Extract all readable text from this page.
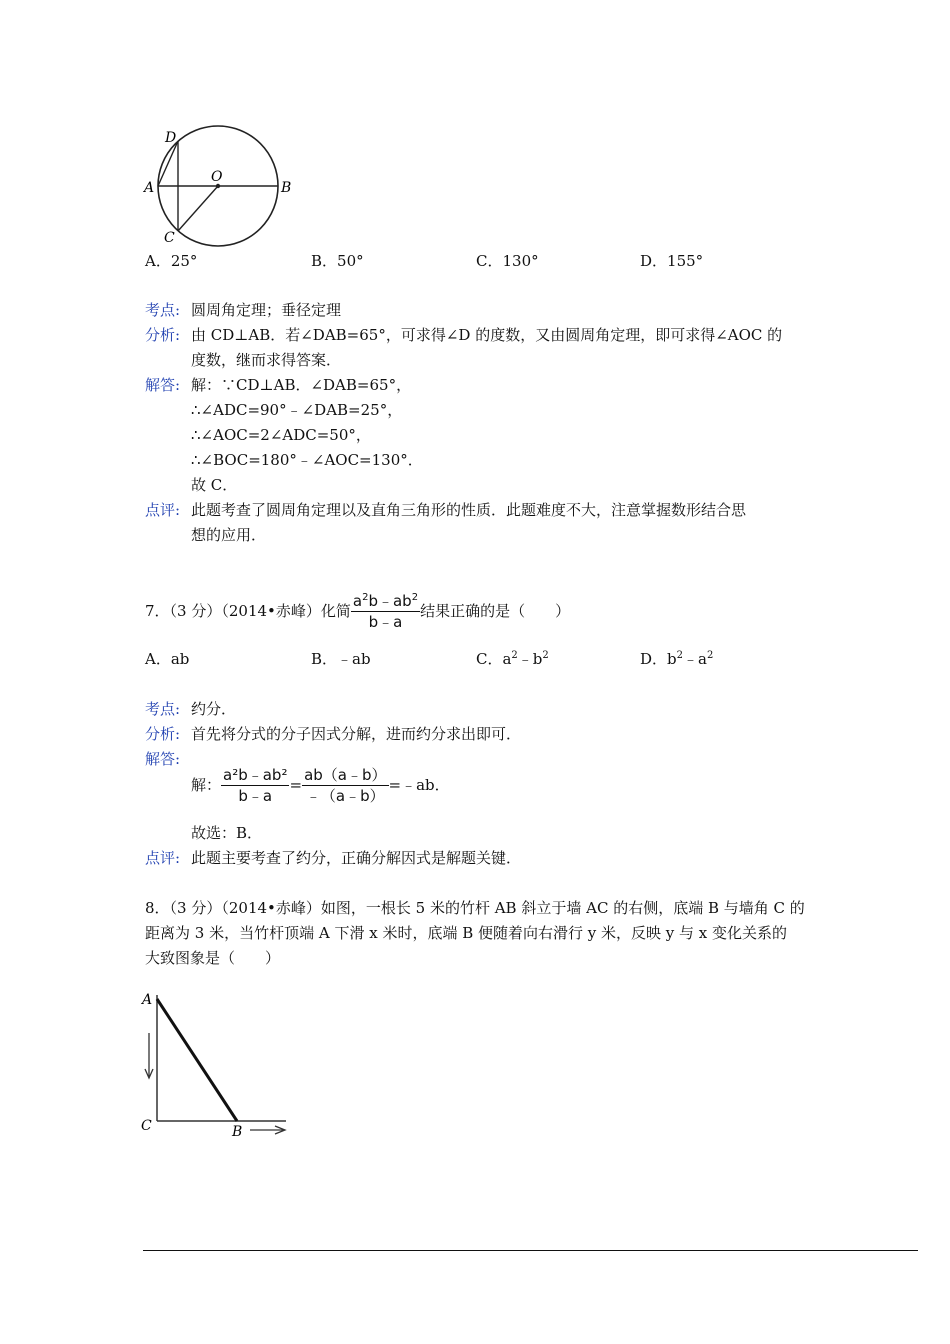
D
A
O
B
C
A．25°	B．50°	C．130°	D．155°
考点: 圆周角定理；垂径定理
分析: 由 CD⊥AB．若∠DAB=65°，可求得∠D 的度数，又由圆周角定理，即可求得∠AOC 的
度数，继而求得答案．
解答: 解：∵CD⊥AB．∠DAB=65°，
∴∠ADC=90°﹣∠DAB=25°，
∴∠AOC=2∠ADC=50°，
∴∠BOC=180°﹣∠AOC=130°．
故 C．
点评: 此题考查了圆周角定理以及直角三角形的性质．此题难度不大，注意掌握数形结合思
想的应用．
7．（3 分）（2014•赤峰）化简 $\frac{a^2b﹣ab^2}{b﹣a}$ 结果正确的是（　　）
A．ab	B．﹣ab	C．$a^2﹣b^2$	D．$b^2﹣a^2$
考点: 约分．
分析: 首先将分式的分子因式分解，进而约分求出即可．
解答:
解： $\frac{\text{a²b﹣ab²}}{b﹣a} = \frac{ab(a﹣b)}{﹣(a﹣b)}$ =﹣ab．
故选：B．
点评: 此题主要考查了约分，正确分解因式是解题关键．
8．（3 分）（2014•赤峰）如图，一根长 5 米的竹杆 AB 斜立于墙 AC 的右侧，底端 B 与墙角 C 的
距离为 3 米，当竹杆顶端 A 下滑 x 米时，底端 B 便随着向右滑行 y 米，反映 y 与 x 变化关系的
大致图象是（　　）
A
C	B
